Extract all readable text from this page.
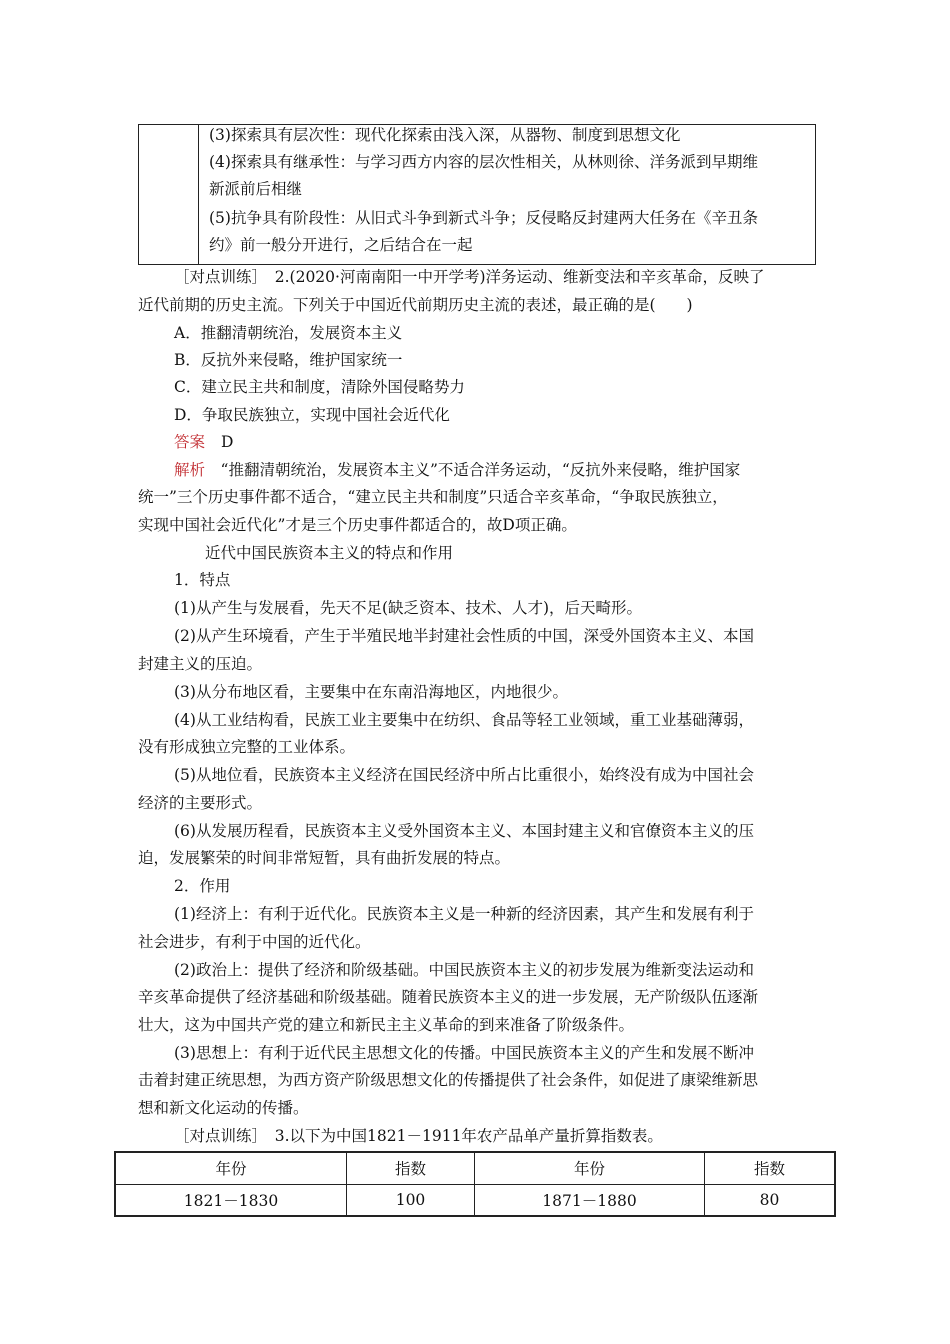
(3)探索具有层次性：现代化探索由浅入深，从器物、制度到思想文化
(4)探索具有继承性：与学习西方内容的层次性相关，从林则徐、洋务派到早期维
新派前后相继
(5)抗争具有阶段性：从旧式斗争到新式斗争；反侵略反封建两大任务在《辛丑条
约》前一般分开进行，之后结合在一起
［对点训练］　2.(2020·河南南阳一中开学考)洋务运动、维新变法和辛亥革命，反映了
近代前期的历史主流。下列关于中国近代前期历史主流的表述，最正确的是(　　)
A．推翻清朝统治，发展资本主义
B．反抗外来侵略，维护国家统一
C．建立民主共和制度，清除外国侵略势力
D．争取民族独立，实现中国社会近代化
答案 D
解析　 “推翻清朝统治，发展资本主义”不适合洋务运动，“反抗外来侵略，维护国家
统一”三个历史事件都不适合，“建立民主共和制度”只适合辛亥革命，“争取民族独立，
实现中国社会近代化”才是三个历史事件都适合的，故D项正确。
近代中国民族资本主义的特点和作用
1．特点
(1)从产生与发展看，先天不足(缺乏资本、技术、人才)，后天畸形。
(2)从产生环境看，产生于半殖民地半封建社会性质的中国，深受外国资本主义、本国
封建主义的压迫。
(3)从分布地区看，主要集中在东南沿海地区，内地很少。
(4)从工业结构看，民族工业主要集中在纺织、食品等轻工业领域，重工业基础薄弱，
没有形成独立完整的工业体系。
(5)从地位看，民族资本主义经济在国民经济中所占比重很小，始终没有成为中国社会
经济的主要形式。
(6)从发展历程看，民族资本主义受外国资本主义、本国封建主义和官僚资本主义的压
迫，发展繁荣的时间非常短暂，具有曲折发展的特点。
2．作用
(1)经济上：有利于近代化。民族资本主义是一种新的经济因素，其产生和发展有利于
社会进步，有利于中国的近代化。
(2)政治上：提供了经济和阶级基础。中国民族资本主义的初步发展为维新变法运动和
辛亥革命提供了经济基础和阶级基础。随着民族资本主义的进一步发展，无产阶级队伍逐渐
壮大，这为中国共产党的建立和新民主主义革命的到来准备了阶级条件。
(3)思想上：有利于近代民主思想文化的传播。中国民族资本主义的产生和发展不断冲
击着封建正统思想，为西方资产阶级思想文化的传播提供了社会条件，如促进了康梁维新思
想和新文化运动的传播。
［对点训练］　3.以下为中国1821－1911年农产品单产量折算指数表。
年份	指数	年份	指数
1821－1830	100	1871－1880	80
